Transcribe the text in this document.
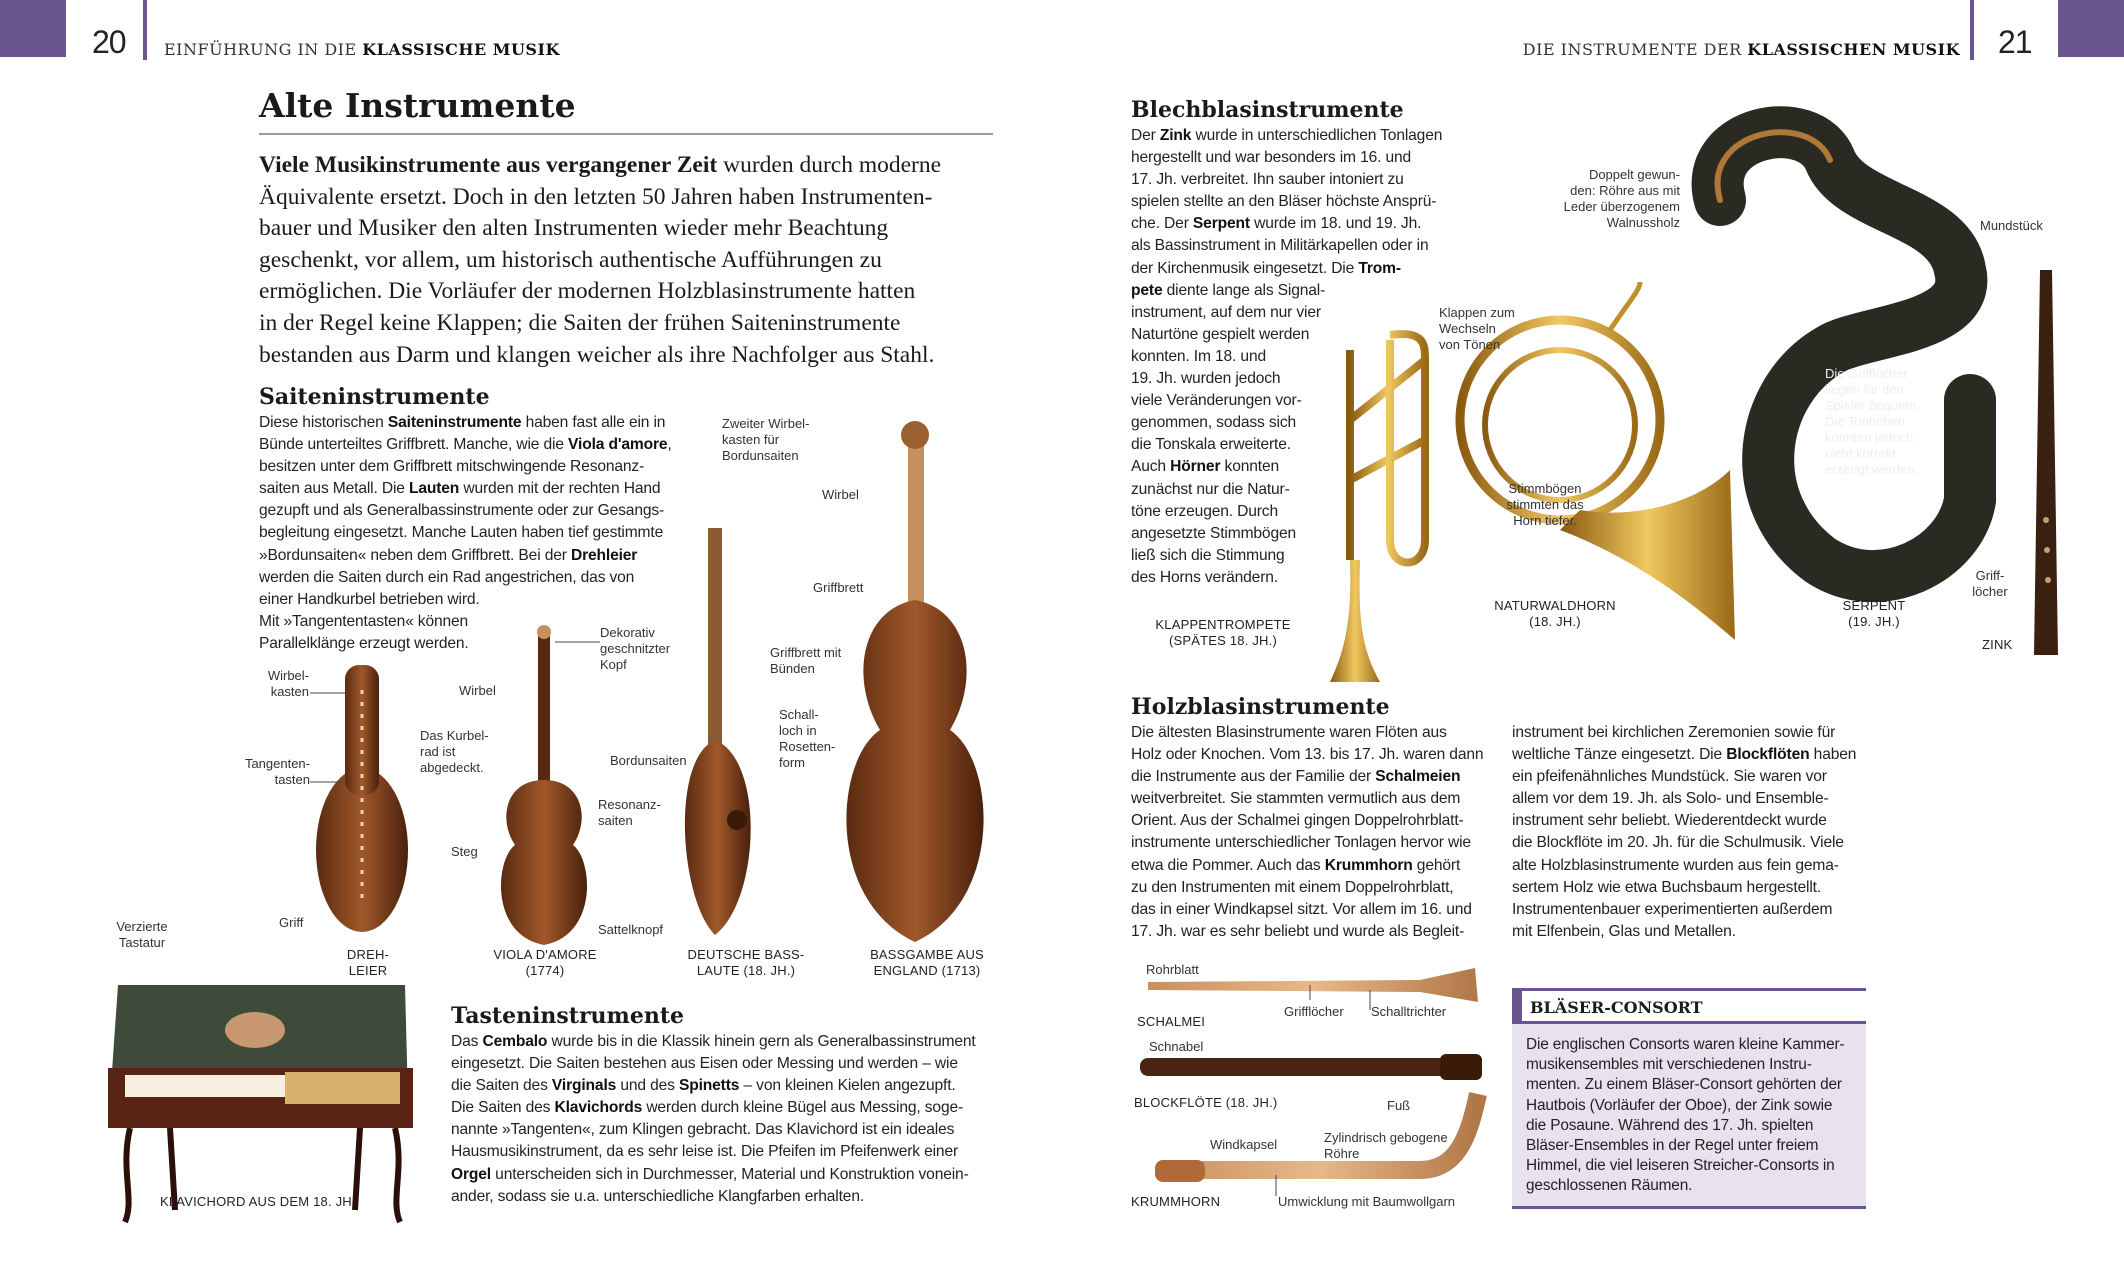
20 EINFÜHRUNG IN DIE KLASSISCHE MUSIK	21
DIE INSTRUMENTE DER KLASSISCHEN MUSIK
Alte Instrumente
Viele Musikinstrumente aus vergangener Zeit wurden durch moderne
Äquivalente ersetzt. Doch in den letzten 50 Jahren haben Instrumenten-
bauer und Musiker den alten Instrumenten wieder mehr Beachtung
geschenkt, vor allem, um historisch authentische Aufführungen zu
ermöglichen. Die Vorläufer der modernen Holzblasinstrumente hatten
in der Regel keine Klappen; die Saiten der frühen Saiteninstrumente
bestanden aus Darm und klangen weicher als ihre Nachfolger aus Stahl.
Saiteninstrumente
Diese historischen Saiteninstrumente haben fast alle ein in
Bünde unterteiltes Griffbrett. Manche, wie die Viola d'amore,
besitzen unter dem Griffbrett mitschwingende Resonanz-
saiten aus Metall. Die Lauten wurden mit der rechten Hand
gezupft und als Generalbassinstrumente oder zur Gesangs-
begleitung eingesetzt. Manche Lauten haben tief gestimmte
»Bordunsaiten« neben dem Griffbrett. Bei der Drehleier
werden die Saiten durch ein Rad angestrichen, das von
einer Handkurbel betrieben wird.
Mit »Tangententasten« können
Parallelklänge erzeugt werden.
Zweiter Wirbel-
kasten für
Bordunsaiten
Wirbel
Griffbrett
Dekorativ
geschnitzter
Kopf
Griffbrett mit
Bünden
Wirbel-
kasten	Wirbel
Das Kurbel-
rad ist
abgedeckt.
Schall-
loch in
Rosetten-
form
Bordunsaiten
Tangenten-
tasten
Resonanz-
saiten
Steg
Griff	Sattelknopf
Verzierte
Tastatur
DREH-
LEIER
VIOLA D'AMORE
(1774)
DEUTSCHE BASS-
LAUTE (18. JH.)
BASSGAMBE AUS
ENGLAND (1713)
KLAVICHORD AUS DEM 18. JH.
Tasteninstrumente
Das Cembalo wurde bis in die Klassik hinein gern als Generalbassinstrument
eingesetzt. Die Saiten bestehen aus Eisen oder Messing und werden – wie
die Saiten des Virginals und des Spinetts – von kleinen Kielen angezupft.
Die Saiten des Klavichords werden durch kleine Bügel aus Messing, soge-
nannte »Tangenten«, zum Klingen gebracht. Das Klavichord ist ein ideales
Hausmusikinstrument, da es sehr leise ist. Die Pfeifen im Pfeifenwerk einer
Orgel unterscheiden sich in Durchmesser, Material und Konstruktion vonein-
ander, sodass sie u.a. unterschiedliche Klangfarben erhalten.
Blechblasinstrumente
Der Zink wurde in unterschiedlichen Tonlagen
hergestellt und war besonders im 16. und
17. Jh. verbreitet. Ihn sauber intoniert zu
spielen stellte an den Bläser höchste Ansprü-
che. Der Serpent wurde im 18. und 19. Jh.
als Bassinstrument in Militärkapellen oder in
der Kirchenmusik eingesetzt. Die Trom-
pete diente lange als Signal-
instrument, auf dem nur vier
Naturtöne gespielt werden
konnten. Im 18. und
19. Jh. wurden jedoch
viele Veränderungen vor-
genommen, sodass sich
die Tonskala erweiterte.
Auch Hörner konnten
zunächst nur die Natur-
töne erzeugen. Durch
angesetzte Stimmbögen
ließ sich die Stimmung
des Horns verändern.
Doppelt gewun-
den: Röhre aus mit
Leder überzogenem
Walnussholz	Mundstück
Klappen zum
Wechseln
von Tönen
Die Grifflöcher
liegen für den
Spieler bequem.
Die Tonhöhen
konnten jedoch
nicht korrekt
erzeugt werden.
Stimmbögen
stimmten das
Horn tiefer.
Griff-
löcher
KLAPPENTROMPETE
(SPÄTES 18. JH.)
NATURWALDHORN
(18. JH.)
SERPENT
(19. JH.)
ZINK
Holzblasinstrumente
Die ältesten Blasinstrumente waren Flöten aus
Holz oder Knochen. Vom 13. bis 17. Jh. waren dann
die Instrumente aus der Familie der Schalmeien
weitverbreitet. Sie stammten vermutlich aus dem
Orient. Aus der Schalmei gingen Doppelrohrblatt-
instrumente unterschiedlicher Tonlagen hervor wie
etwa die Pommer. Auch das Krummhorn gehört
zu den Instrumenten mit einem Doppelrohrblatt,
das in einer Windkapsel sitzt. Vor allem im 16. und
17. Jh. war es sehr beliebt und wurde als Begleit-
instrument bei kirchlichen Zeremonien sowie für
weltliche Tänze eingesetzt. Die Blockflöten haben
ein pfeifenähnliches Mundstück. Sie waren vor
allem vor dem 19. Jh. als Solo- und Ensemble-
instrument sehr beliebt. Wiederentdeckt wurde
die Blockflöte im 20. Jh. für die Schulmusik. Viele
alte Holzblasinstrumente wurden aus fein gema-
sertem Holz wie etwa Buchsbaum hergestellt.
Instrumentenbauer experimentierten außerdem
mit Elfenbein, Glas und Metallen.
Rohrblatt
Grifflöcher Schalltrichter
SCHALMEI
Schnabel
BLOCKFLÖTE (18. JH.)	Fuß
Windkapsel	Zylindrisch gebogene
Röhre
KRUMMHORN	Umwicklung mit Baumwollgarn
BLÄSER-CONSORT
Die englischen Consorts waren kleine Kammer-
musikensembles mit verschiedenen Instru-
menten. Zu einem Bläser-Consort gehörten der
Hautbois (Vorläufer der Oboe), der Zink sowie
die Posaune. Während des 17. Jh. spielten
Bläser-Ensembles in der Regel unter freiem
Himmel, die viel leiseren Streicher-Consorts in
geschlossenen Räumen.
